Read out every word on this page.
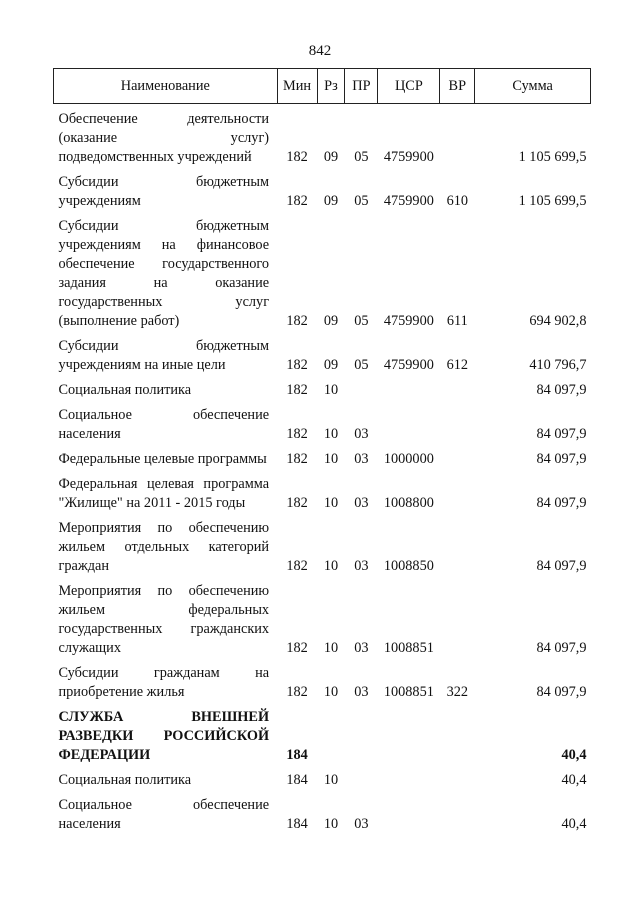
842
Наименование	Мин	Рз	ПР	ЦСР	ВР	Сумма
Обеспечение деятельности (оказание услуг) подведомственных учреждений	182	09	05	4759900		1 105 699,5
Субсидии бюджетным учреждениям	182	09	05	4759900	610	1 105 699,5
Субсидии бюджетным учреждениям на финансовое обеспечение государственного задания на оказание государственных услуг (выполнение работ)	182	09	05	4759900	611	694 902,8
Субсидии бюджетным учреждениям на иные цели	182	09	05	4759900	612	410 796,7
Социальная политика	182	10				84 097,9
Социальное обеспечение населения	182	10	03			84 097,9
Федеральные целевые программы	182	10	03	1000000		84 097,9
Федеральная целевая программа "Жилище" на 2011 - 2015 годы	182	10	03	1008800		84 097,9
Мероприятия по обеспечению жильем отдельных категорий граждан	182	10	03	1008850		84 097,9
Мероприятия по обеспечению жильем федеральных государственных гражданских служащих	182	10	03	1008851		84 097,9
Субсидии гражданам на приобретение жилья	182	10	03	1008851	322	84 097,9
СЛУЖБА ВНЕШНЕЙ РАЗВЕДКИ РОССИЙСКОЙ ФЕДЕРАЦИИ	184					40,4
Социальная политика	184	10				40,4
Социальное обеспечение населения	184	10	03			40,4
